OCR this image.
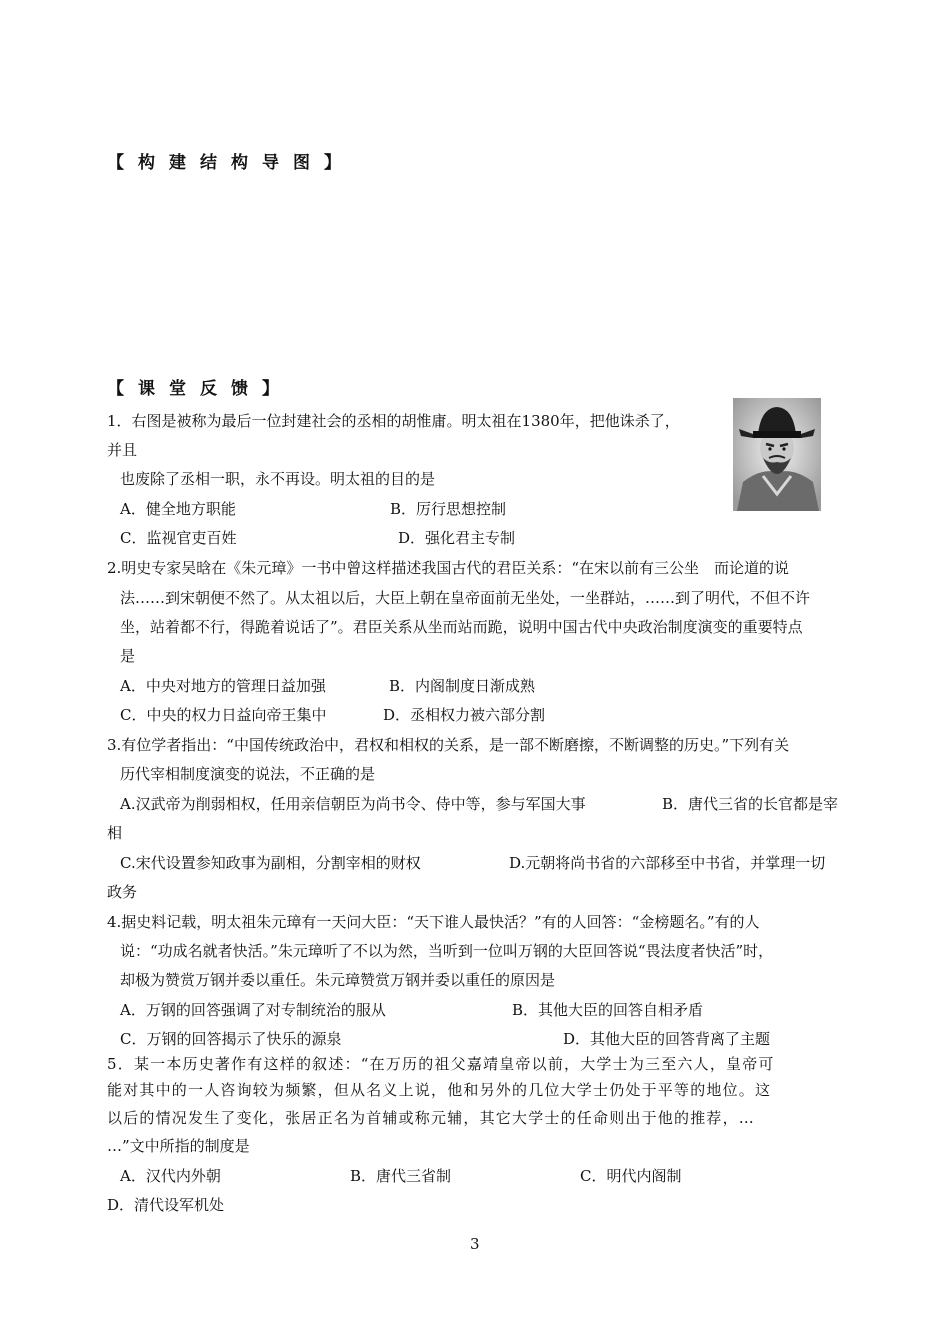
【构建结构导图】
【课堂反馈】
1．右图是被称为最后一位封建社会的丞相的胡惟庸。明太祖在1380年，把他诛杀了，
并且
也废除了丞相一职，永不再设。明太祖的目的是
A．健全地方职能	B．厉行思想控制
C．监视官吏百姓	D．强化君主专制
2.明史专家吴晗在《朱元璋》一书中曾这样描述我国古代的君臣关系：“在宋以前有三公坐　而论道的说
法……到宋朝便不然了。从太祖以后，大臣上朝在皇帝面前无坐处，一坐群站，……到了明代，不但不许
坐，站着都不行，得跪着说话了”。君臣关系从坐而站而跪，说明中国古代中央政治制度演变的重要特点
是
A．中央对地方的管理日益加强	B．内阁制度日渐成熟
C．中央的权力日益向帝王集中	D．丞相权力被六部分割
3.有位学者指出：“中国传统政治中，君权和相权的关系，是一部不断磨擦，不断调整的历史。”下列有关
历代宰相制度演变的说法，不正确的是
A.汉武帝为削弱相权，任用亲信朝臣为尚书令、侍中等，参与军国大事	B．唐代三省的长官都是宰
相
C.宋代设置参知政事为副相，分割宰相的财权	D.元朝将尚书省的六部移至中书省，并掌理一切
政务
4.据史料记载，明太祖朱元璋有一天问大臣：“天下谁人最快活？”有的人回答：“金榜题名。”有的人
说：“功成名就者快活。”朱元璋听了不以为然，当听到一位叫万钢的大臣回答说“畏法度者快活”时，
却极为赞赏万钢并委以重任。朱元璋赞赏万钢并委以重任的原因是
A．万钢的回答强调了对专制统治的服从	B．其他大臣的回答自相矛盾
C．万钢的回答揭示了快乐的源泉	D．其他大臣的回答背离了主题
5．某一本历史著作有这样的叙述：“在万历的祖父嘉靖皇帝以前，大学士为三至六人，皇帝可
能对其中的一人咨询较为频繁，但从名义上说，他和另外的几位大学士仍处于平等的地位。这
以后的情况发生了变化，张居正名为首辅或称元辅，其它大学士的任命则出于他的推荐，…
…”文中所指的制度是
A．汉代内外朝	B．唐代三省制	C．明代内阁制
D．清代设军机处
3
